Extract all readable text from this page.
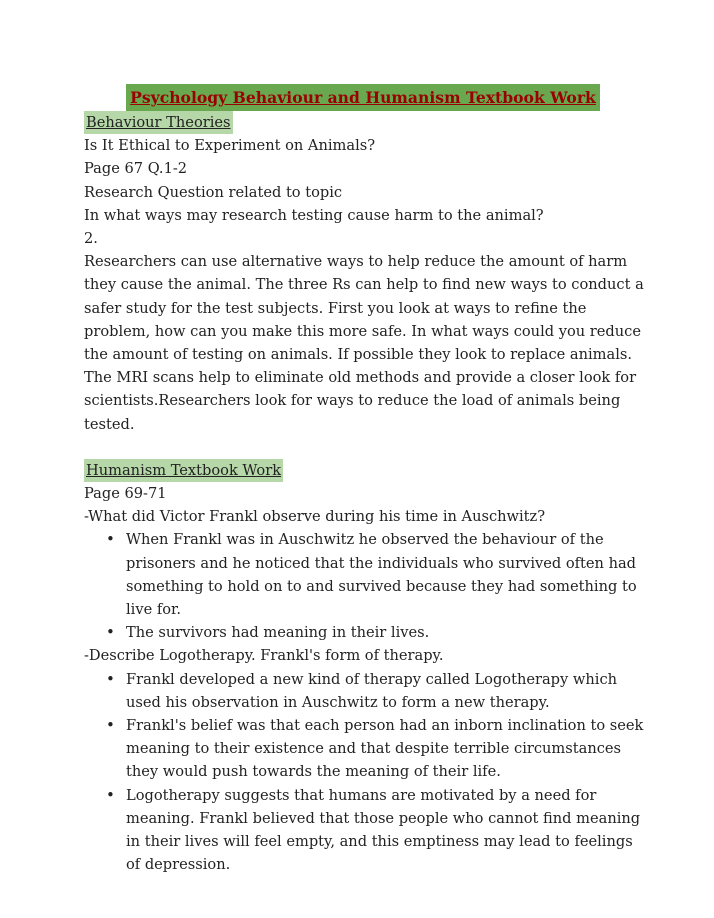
Psychology Behaviour and Humanism Textbook Work
Behaviour Theories

Is It Ethical to Experiment on Animals?

Page 67 Q.1-2

Research Question related to topic

In what ways may research testing cause harm to the animal?

2.

Researchers can use alternative ways to help reduce the amount of harm they cause the animal. The three Rs can help to find new ways to conduct a safer study for the test subjects. First you look at ways to refine the problem, how can you make this more safe. In what ways could you reduce the amount of testing on animals. If possible they look to replace animals. The MRI scans help to eliminate old methods and provide a closer look for scientists.Researchers look for ways to reduce the load of animals being tested.

Humanism Textbook Work

Page 69-71

-What did Victor Frankl observe during his time in Auschwitz?

• When Frankl was in Auschwitz he observed the behaviour of the prisoners and he noticed that the individuals who survived often had something to hold on to and survived because they had something to live for.
• The survivors had meaning in their lives.

-Describe Logotherapy. Frankl's form of therapy.

• Frankl developed a new kind of therapy called Logotherapy which used his observation in Auschwitz to form a new therapy.
• Frankl's belief was that each person had an inborn inclination to seek meaning to their existence and that despite terrible circumstances they would push towards the meaning of their life.
• Logotherapy suggests that humans are motivated by a need for meaning. Frankl believed that those people who cannot find meaning in their lives will feel empty, and this emptiness may lead to feelings of depression.
